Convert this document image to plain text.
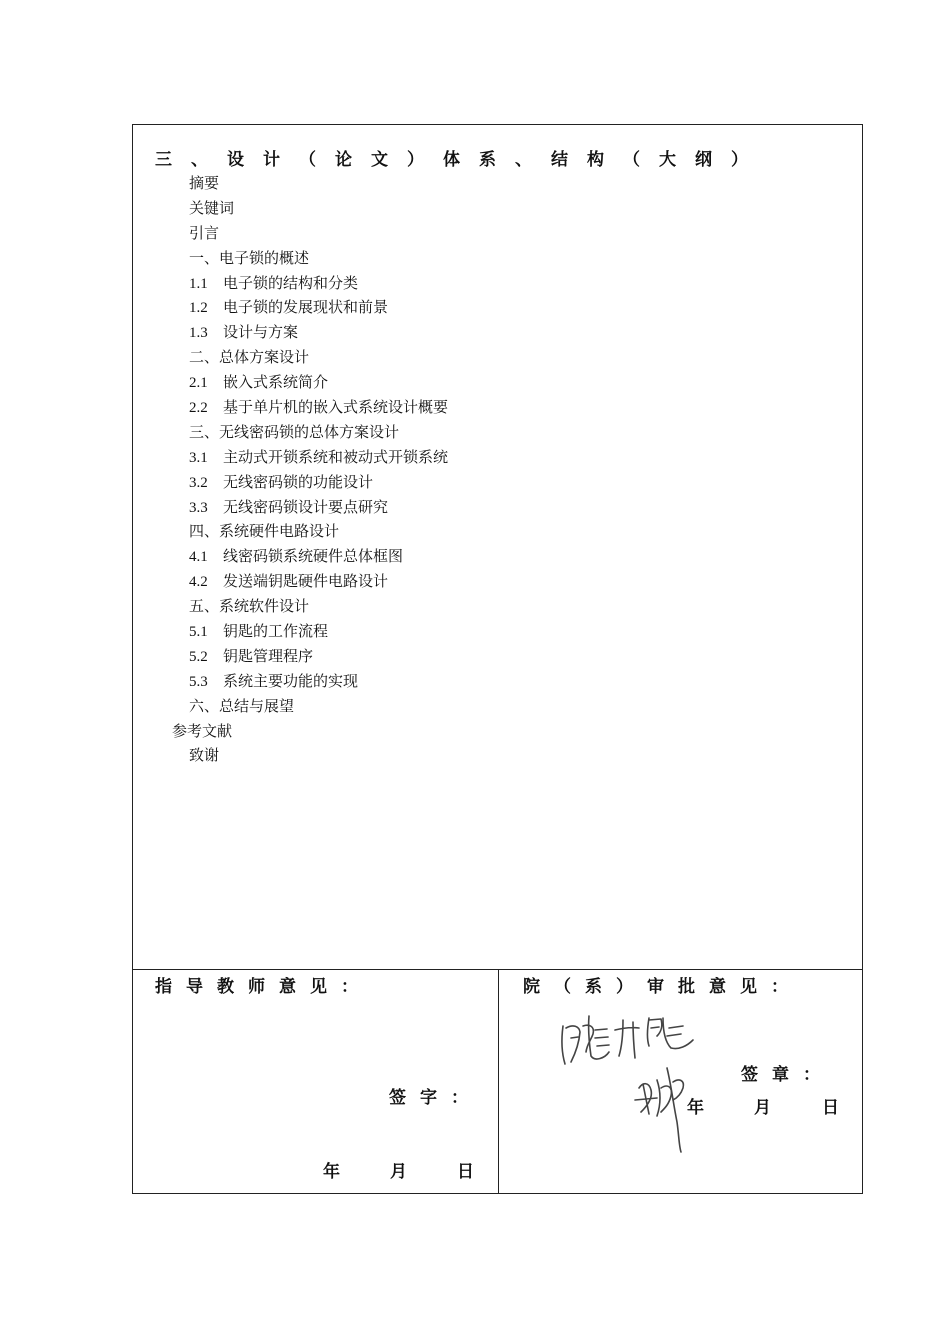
三、设计（论文）体系、结构（大纲）
摘要
关键词
引言
一、电子锁的概述
1.1 电子锁的结构和分类
1.2 电子锁的发展现状和前景
1.3 设计与方案
二、总体方案设计
2.1 嵌入式系统简介
2.2 基于单片机的嵌入式系统设计概要
三、无线密码锁的总体方案设计
3.1 主动式开锁系统和被动式开锁系统
3.2 无线密码锁的功能设计
3.3 无线密码锁设计要点研究
四、系统硬件电路设计
4.1 线密码锁系统硬件总体框图
4.2 发送端钥匙硬件电路设计
五、系统软件设计
5.1 钥匙的工作流程
5.2 钥匙管理程序
5.3 系统主要功能的实现
六、总结与展望
参考文献
致谢
指导教师意见：
签字：
年	月	日
院（系）审批意见：
签章：
年	月	日
